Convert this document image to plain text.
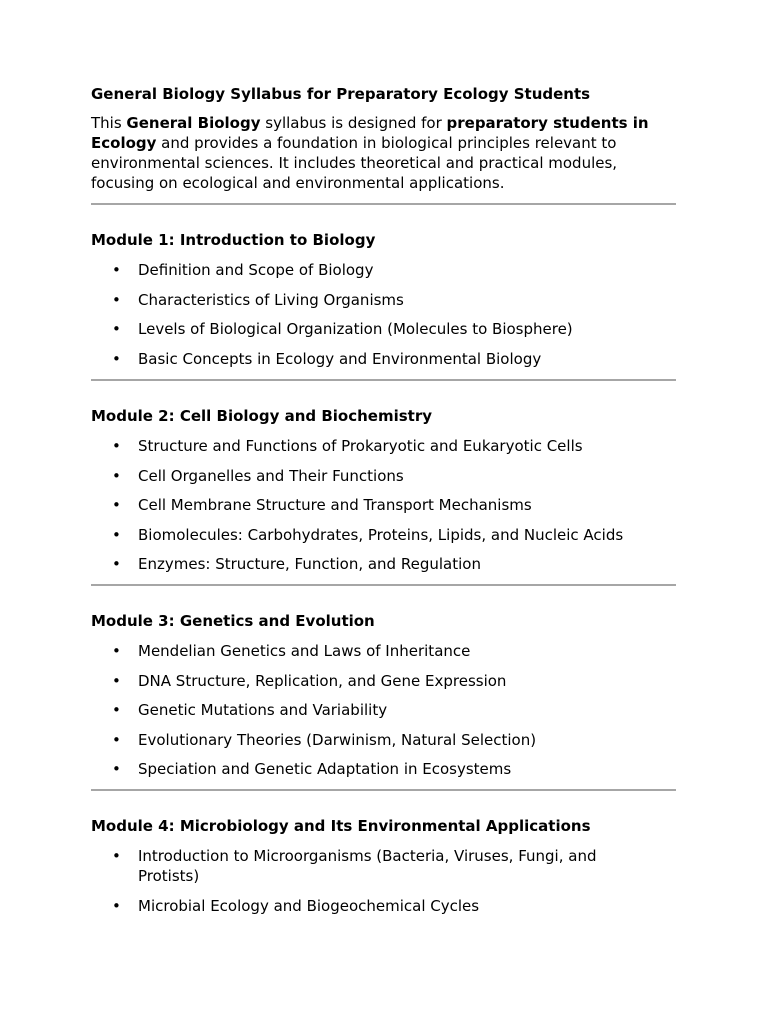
General Biology Syllabus for Preparatory Ecology Students

This General Biology syllabus is designed for preparatory students in Ecology and provides a foundation in biological principles relevant to environmental sciences. It includes theoretical and practical modules, focusing on ecological and environmental applications.

Module 1: Introduction to Biology
• Definition and Scope of Biology
• Characteristics of Living Organisms
• Levels of Biological Organization (Molecules to Biosphere)
• Basic Concepts in Ecology and Environmental Biology
Module 2: Cell Biology and Biochemistry
• Structure and Functions of Prokaryotic and Eukaryotic Cells
• Cell Organelles and Their Functions
• Cell Membrane Structure and Transport Mechanisms
• Biomolecules: Carbohydrates, Proteins, Lipids, and Nucleic Acids
• Enzymes: Structure, Function, and Regulation
Module 3: Genetics and Evolution
• Mendelian Genetics and Laws of Inheritance
• DNA Structure, Replication, and Gene Expression
• Genetic Mutations and Variability
• Evolutionary Theories (Darwinism, Natural Selection)
• Speciation and Genetic Adaptation in Ecosystems
Module 4: Microbiology and Its Environmental Applications
• Introduction to Microorganisms (Bacteria, Viruses, Fungi, and Protists)
• Microbial Ecology and Biogeochemical Cycles
